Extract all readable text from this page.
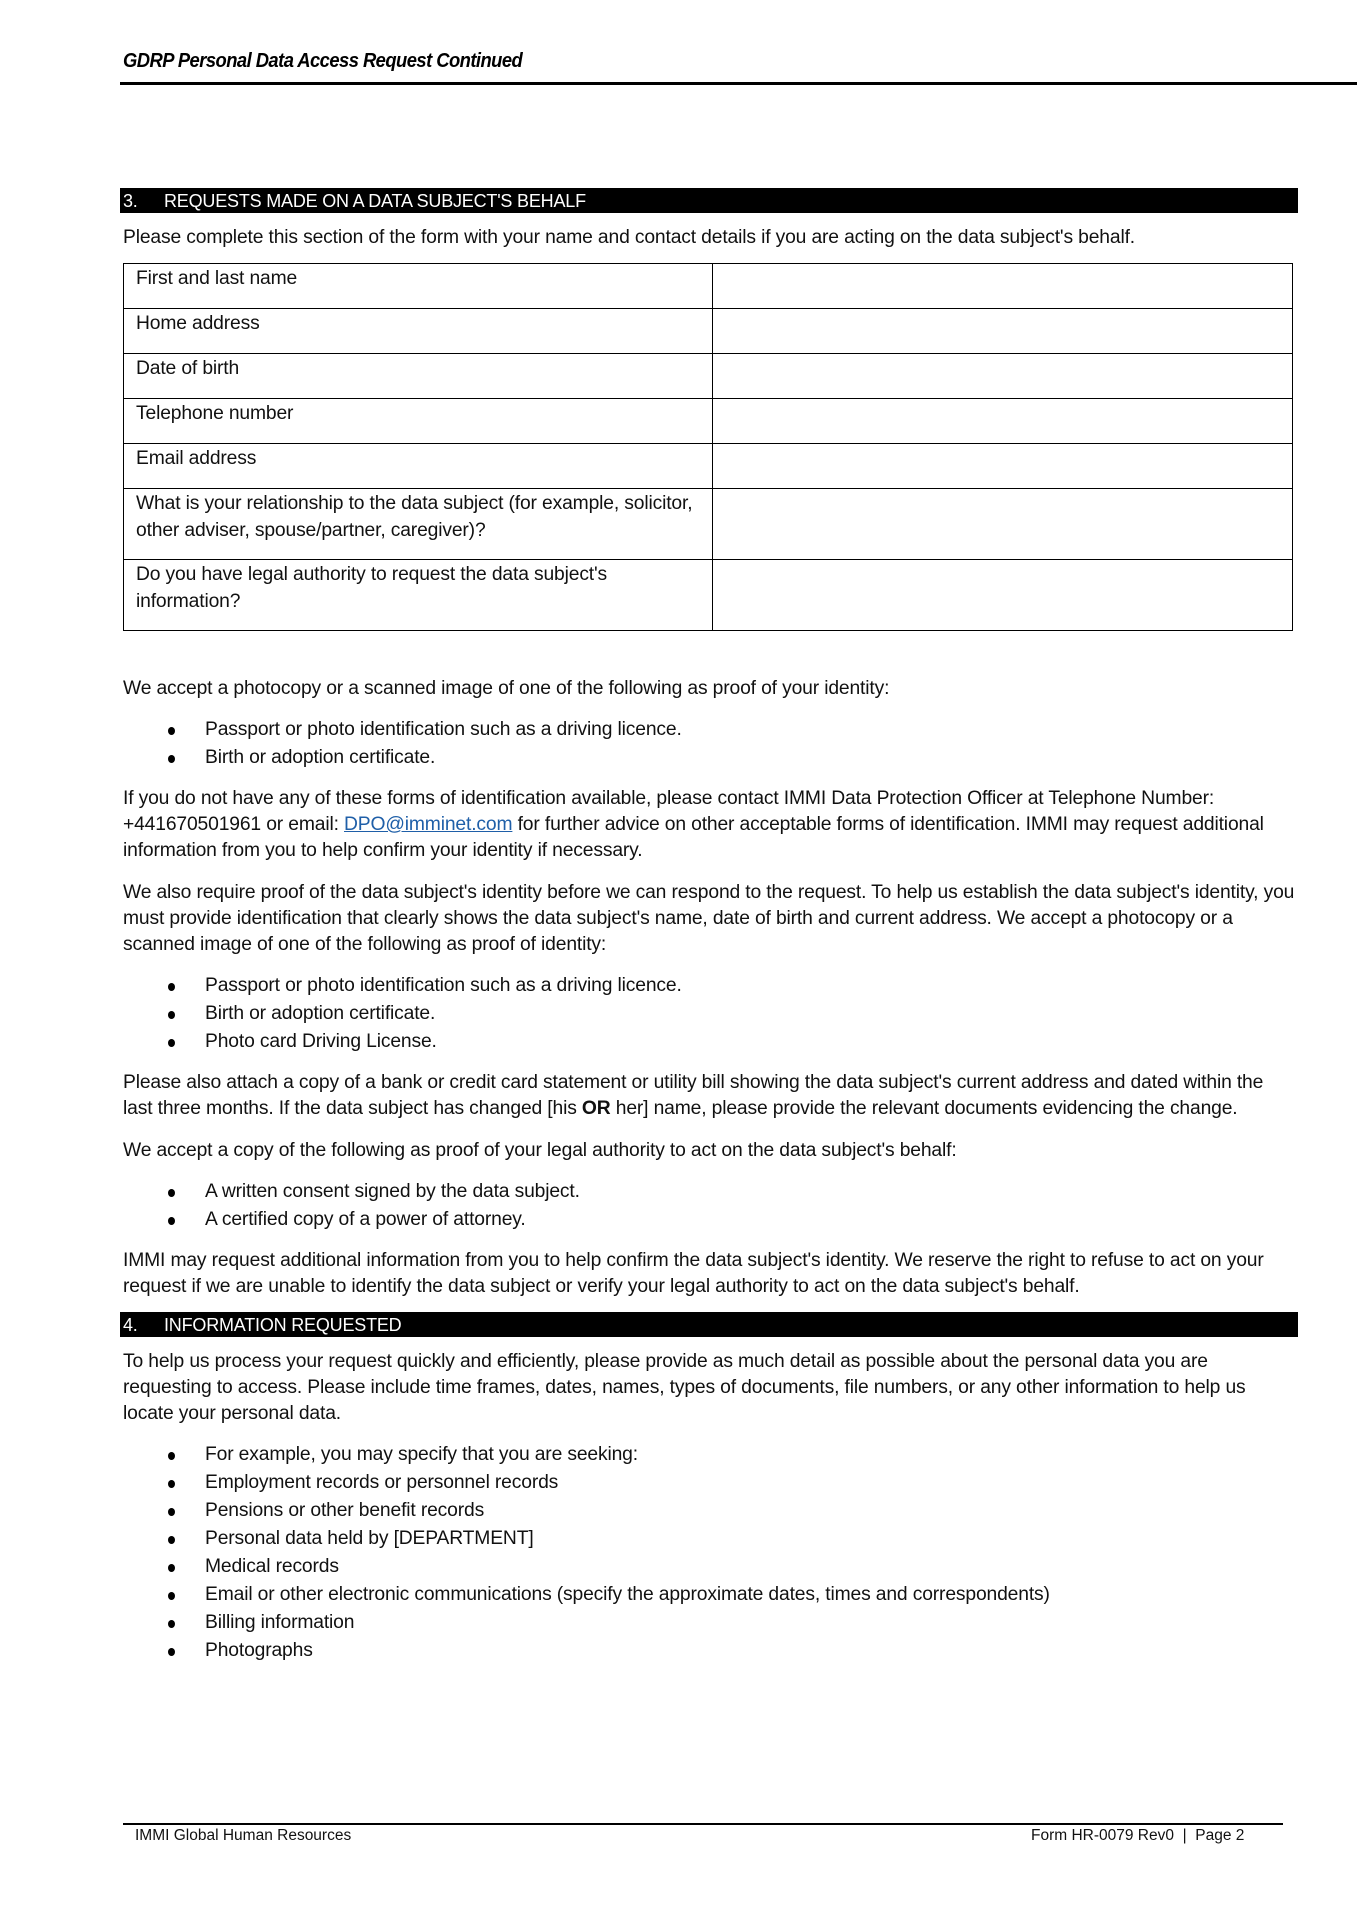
GDRP Personal Data Access Request Continued
3. REQUESTS MADE ON A DATA SUBJECT'S BEHALF

Please complete this section of the form with your name and contact details if you are acting on the data subject's behalf.

First and last name	
Home address	
Date of birth	
Telephone number	
Email address	
What is your relationship to the data subject (for example, solicitor, other adviser, spouse/partner, caregiver)?	
Do you have legal authority to request the data subject's information?	

We accept a photocopy or a scanned image of one of the following as proof of your identity:

Passport or photo identification such as a driving licence.
Birth or adoption certificate.

If you do not have any of these forms of identification available, please contact IMMI Data Protection Officer at Telephone Number: +441670501961 or email: DPO@imminet.com for further advice on other acceptable forms of identification. IMMI may request additional information from you to help confirm your identity if necessary.

We also require proof of the data subject's identity before we can respond to the request. To help us establish the data subject's identity, you must provide identification that clearly shows the data subject's name, date of birth and current address. We accept a photocopy or a scanned image of one of the following as proof of identity:

Passport or photo identification such as a driving licence.
Birth or adoption certificate.
Photo card Driving License.

Please also attach a copy of a bank or credit card statement or utility bill showing the data subject's current address and dated within the last three months. If the data subject has changed [his OR her] name, please provide the relevant documents evidencing the change.

We accept a copy of the following as proof of your legal authority to act on the data subject's behalf:

A written consent signed by the data subject.
A certified copy of a power of attorney.

IMMI may request additional information from you to help confirm the data subject's identity. We reserve the right to refuse to act on your request if we are unable to identify the data subject or verify your legal authority to act on the data subject's behalf.

4. INFORMATION REQUESTED

To help us process your request quickly and efficiently, please provide as much detail as possible about the personal data you are requesting to access. Please include time frames, dates, names, types of documents, file numbers, or any other information to help us locate your personal data.

For example, you may specify that you are seeking:
Employment records or personnel records
Pensions or other benefit records
Personal data held by [DEPARTMENT]
Medical records
Email or other electronic communications (specify the approximate dates, times and correspondents)
Billing information
Photographs
IMMI Global Human Resources	Form HR-0079 Rev0  |  Page 2
